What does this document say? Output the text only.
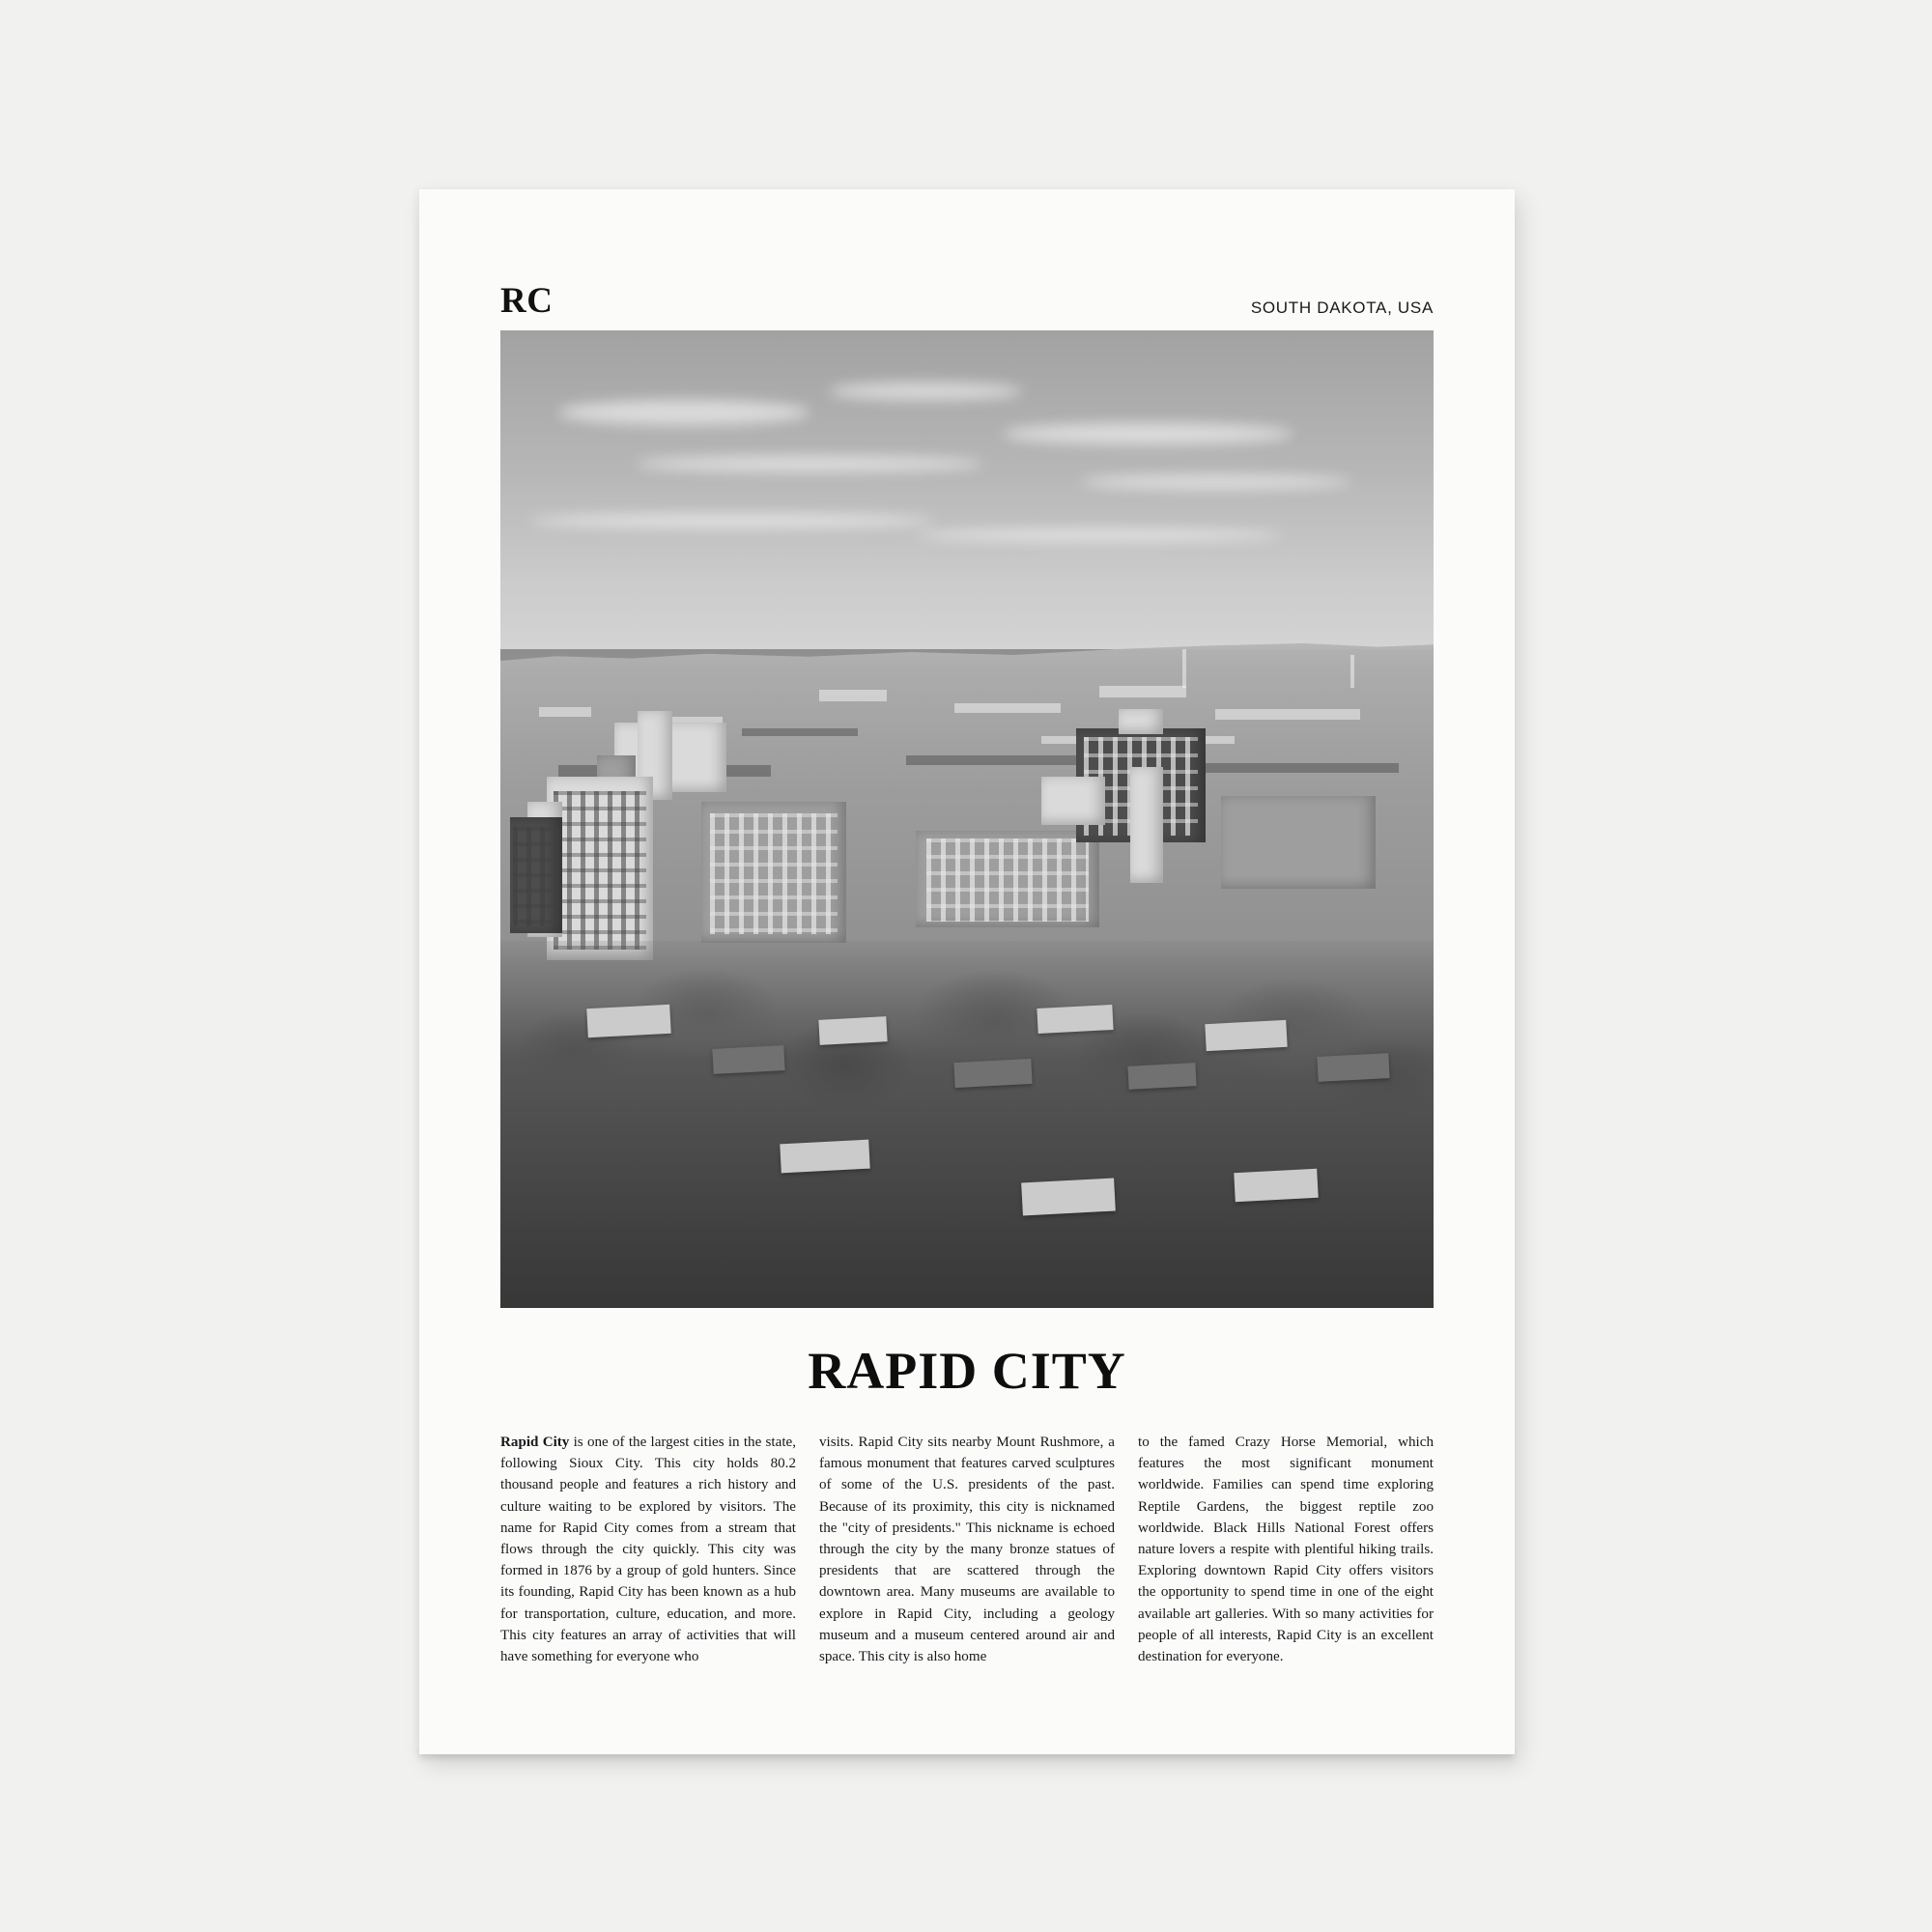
RC	SOUTH DAKOTA, USA
RAPID CITY
Rapid City is one of the largest cities in the state, following Sioux City. This city holds 80.2 thousand people and features a rich history and culture waiting to be explored by visitors. The name for Rapid City comes from a stream that flows through the city quickly. This city was formed in 1876 by a group of gold hunters. Since its founding, Rapid City has been known as a hub for transportation, culture, education, and more. This city features an array of activities that will have something for everyone who
visits. Rapid City sits nearby Mount Rushmore, a famous monument that features carved sculptures of some of the U.S. presidents of the past. Because of its proximity, this city is nicknamed the "city of presidents." This nickname is echoed through the city by the many bronze statues of presidents that are scattered through the downtown area. Many museums are available to explore in Rapid City, including a geology museum and a museum centered around air and space. This city is also home
to the famed Crazy Horse Memorial, which features the most significant monument worldwide. Families can spend time exploring Reptile Gardens, the biggest reptile zoo worldwide. Black Hills National Forest offers nature lovers a respite with plentiful hiking trails. Exploring downtown Rapid City offers visitors the opportunity to spend time in one of the eight available art galleries. With so many activities for people of all interests, Rapid City is an excellent destination for everyone.
